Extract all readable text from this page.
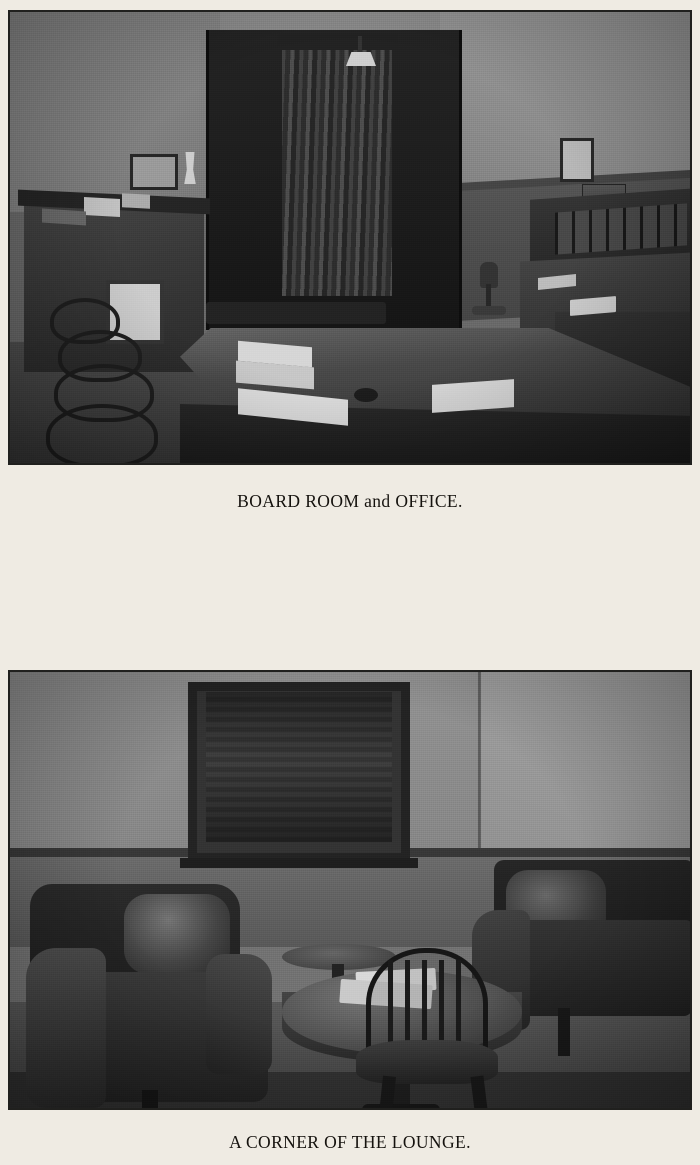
BOARD ROOM and OFFICE.
A CORNER OF THE LOUNGE.
